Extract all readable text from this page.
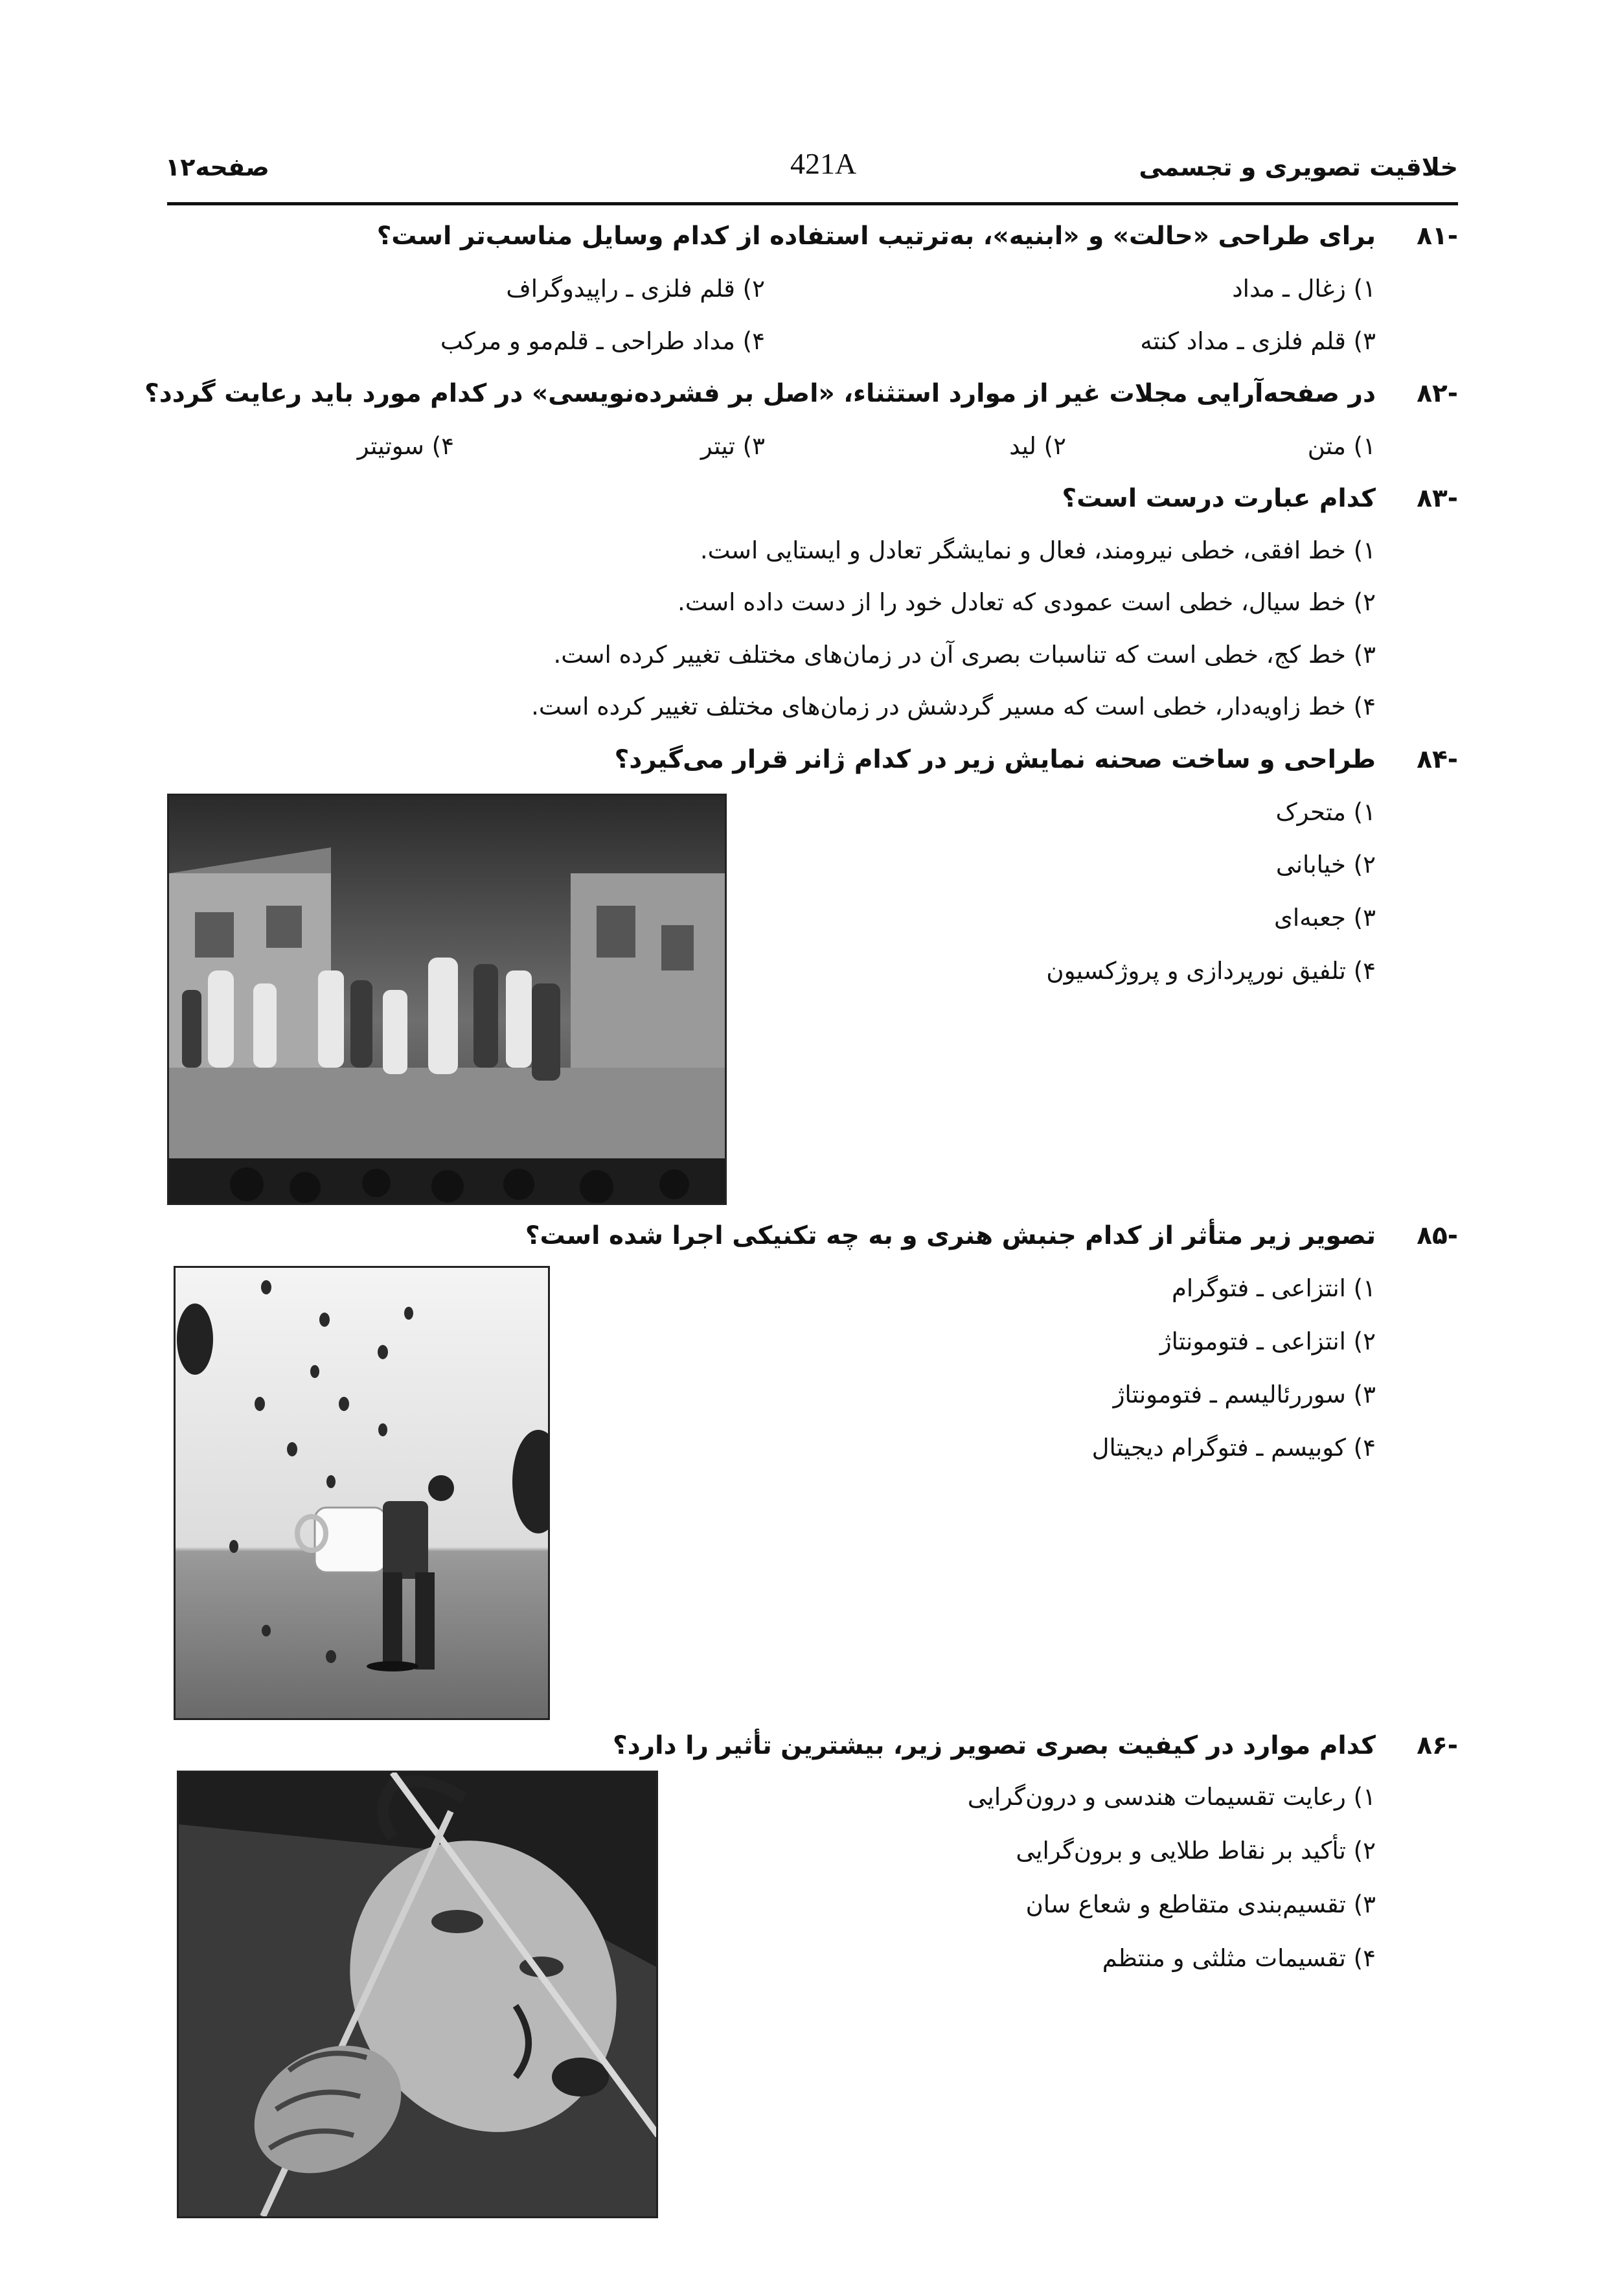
خلاقیت تصویری و تجسمی
421A
صفحه۱۲
۸۱-
برای طراحی «حالت» و «ابنیه»، به‌ترتیب استفاده از کدام وسایل مناسب‌تر است؟
۱) زغال ـ مداد
۲) قلم فلزی ـ راپیدوگراف
۳) قلم فلزی ـ مداد کنته
۴) مداد طراحی ـ قلم‌مو و مرکب
۸۲-
در صفحه‌آرایی مجلات غیر از موارد استثناء، «اصل بر فشرده‌نویسی» در کدام مورد باید رعایت گردد؟
۱) متن
۲) لید
۳) تیتر
۴) سوتیتر
۸۳-
کدام عبارت درست است؟
۱) خط افقی، خطی نیرومند، فعال و نمایشگر تعادل و ایستایی است.
۲) خط سیال، خطی است عمودی که تعادل خود را از دست داده است.
۳) خط کج، خطی است که تناسبات بصری آن در زمان‌های مختلف تغییر کرده است.
۴) خط زاویه‌دار، خطی است که مسیر گردشش در زمان‌های مختلف تغییر کرده است.
۸۴-
طراحی و ساخت صحنه نمایش زیر در کدام ژانر قرار می‌گیرد؟
۱) متحرک
۲) خیابانی
۳) جعبه‌ای
۴) تلفیق نورپردازی و پروژکسیون
۸۵-
تصویر زیر متأثر از کدام جنبش هنری و به چه تکنیکی اجرا شده است؟
۱) انتزاعی ـ فتوگرام
۲) انتزاعی ـ فتومونتاژ
۳) سوررئالیسم ـ فتومونتاژ
۴) کوبیسم ـ فتوگرام دیجیتال
۸۶-
کدام موارد در کیفیت بصری تصویر زیر، بیشترین تأثیر را دارد؟
۱) رعایت تقسیمات هندسی و درون‌گرایی
۲) تأکید بر نقاط طلایی و برون‌گرایی
۳) تقسیم‌بندی متقاطع و شعاع سان
۴) تقسیمات مثلثی و منتظم
